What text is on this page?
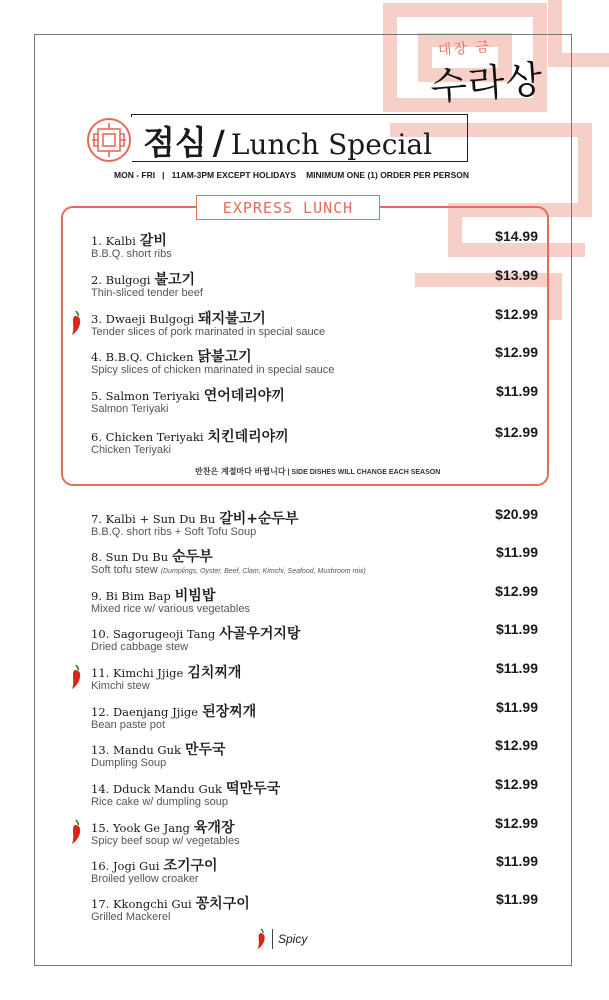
대장 금
수라상
점심 / Lunch Special
MON - FRI   |   11AM-3PM EXCEPT HOLIDAYS MINIMUM ONE (1) ORDER PER PERSON
EXPRESS LUNCH
1. Kalbi 갈비
B.B.Q. short ribs
$14.99
2. Bulgogi 불고기
Thin-sliced tender beef
$13.99
3. Dwaeji Bulgogi 돼지불고기
Tender slices of pork marinated in special sauce
$12.99
4. B.B.Q. Chicken 닭불고기
Spicy slices of chicken marinated in special sauce
$12.99
5. Salmon Teriyaki 연어데리야끼
Salmon Teriyaki
$11.99
6. Chicken Teriyaki 치킨데리야끼
Chicken Teriyaki
$12.99
7. Kalbi + Sun Du Bu 갈비+순두부
B.B.Q. short ribs + Soft Tofu Soup
$20.99
8. Sun Du Bu 순두부
Soft tofu stew (Dumplings, Oyster, Beef, Clam, Kimchi, Seafood, Mushroom mix)
$11.99
9. Bi Bim Bap 비빔밥
Mixed rice w/ various vegetables
$12.99
10. Sagorugeoji Tang 사골우거지탕
Dried cabbage stew
$11.99
11. Kimchi Jjige 김치찌개
Kimchi stew
$11.99
12. Daenjang Jjige 된장찌개
Bean paste pot
$11.99
13. Mandu Guk 만두국
Dumpling Soup
$12.99
14. Dduck Mandu Guk 떡만두국
Rice cake w/ dumpling soup
$12.99
15. Yook Ge Jang 육개장
Spicy beef soup w/ vegetables
$12.99
16. Jogi Gui 조기구이
Broiled yellow croaker
$11.99
17. Kkongchi Gui 꽁치구이
Grilled Mackerel
$11.99
반찬은 계절마다 바뀝니다 | SIDE DISHES WILL CHANGE EACH SEASON
Spicy
